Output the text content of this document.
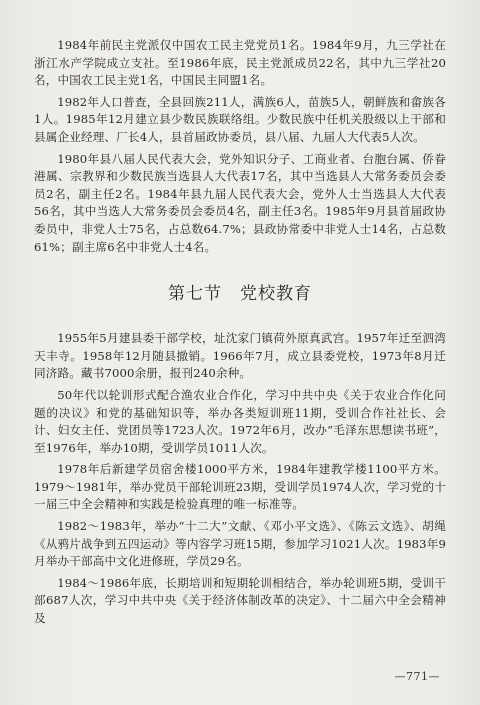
1984年前民主党派仅中国农工民主党党员1名。1984年9月，九三学社在浙江水产学院成立支社。至1986年底，民主党派成员22名，其中九三学社20名，中国农工民主党1名，中国民主同盟1名。

1982年人口普查，全县回族211人，满族6人，苗族5人，朝鲜族和畲族各1人。1985年12月建立县少数民族联络组。少数民族中任机关股级以上干部和县属企业经理、厂长4人，县首届政协委员，县八届、九届人大代表5人次。

1980年县八届人民代表大会，党外知识分子、工商业者、台胞台属、侨眷港属、宗教界和少数民族当选县人大代表17名，其中当选县人大常务委员会委员2名，副主任2名。1984年县九届人民代表大会，党外人士当选县人大代表56名，其中当选人大常务委员会委员4名，副主任3名。1985年9月县首届政协委员中，非党人士75名，占总数64.7%；县政协常委中非党人士14名，占总数61%；副主席6名中非党人士4名。

第七节　党校教育

1955年5月建县委干部学校，址沈家门镇荷外原真武宫。1957年迁至泗湾天丰寺。1958年12月随县撤销。1966年7月，成立县委党校，1973年8月迁同济路。藏书7000余册，报刊240余种。

50年代以轮训形式配合渔农业合作化，学习中共中央《关于农业合作化问题的决议》和党的基础知识等，举办各类短训班11期，受训合作社社长、会计、妇女主任、党团员等1723人次。1972年6月，改办“毛泽东思想读书班”，至1976年，举办10期，受训学员1011人次。

1978年后新建学员宿舍楼1000平方米，1984年建教学楼1100平方米。1979～1981年，举办党员干部轮训班23期，受训学员1974人次，学习党的十一届三中全会精神和实践是检验真理的唯一标准等。

1982～1983年，举办“十二大”文献、《邓小平文选》、《陈云文选》、胡绳《从鸦片战争到五四运动》等内容学习班15期，参加学习1021人次。1983年9月举办干部高中文化进修班，学员29名。

1984～1986年底，长期培训和短期轮训相结合，举办轮训班5期，受训干部687人次，学习中共中央《关于经济体制改革的决定》、十二届六中全会精神及

—771—
